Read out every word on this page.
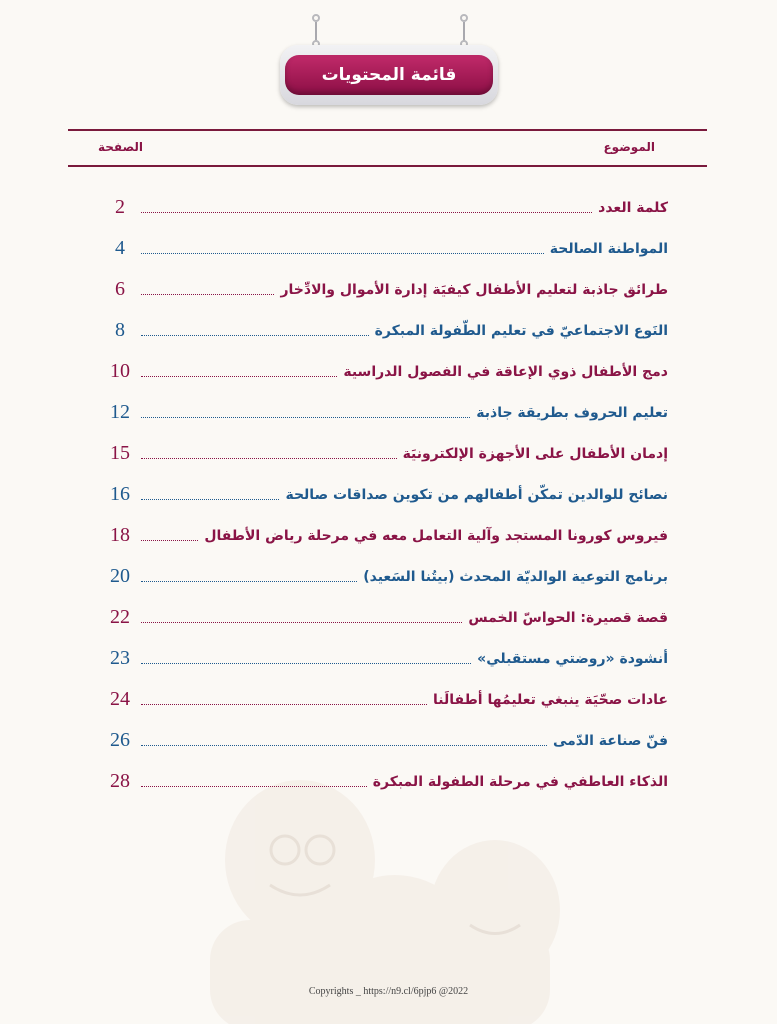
قائمة المحتويات
الموضوع
الصفحة
كلمة العدد
2
المواطنة الصالحة
4
طرائق جاذبة لتعليم الأطفال كيفيَة إدارة الأموال والادِّخار
6
النَوع الاجتماعيّ في تعليم الطّفولة المبكرة
8
دمج الأطفال ذوي الإعاقة في الفصول الدراسية
10
تعليم الحروف بطريقة جاذبة
12
إدمان الأطفال على الأجهزة الإلكترونيَة
15
نصائح للوالدين تمكّن أطفالهم من تكوين صداقات صالحة
16
فيروس كورونا المستجد وآلية التعامل معه في مرحلة رياض الأطفال
18
برنامج التوعية الوالديّة المحدث (بيتُنا السَعيد)
20
قصة قصيرة: الحواسّ الخمس
22
أنشودة «روضتي مستقبلي»
23
عادات صحّيَة ينبغي تعليمُها أطفالَنا
24
فنّ صناعة الدّمى
26
الذكاء العاطفي في مرحلة الطفولة المبكرة
28
Copyrights _ https://n9.cl/6pjp6 @2022
